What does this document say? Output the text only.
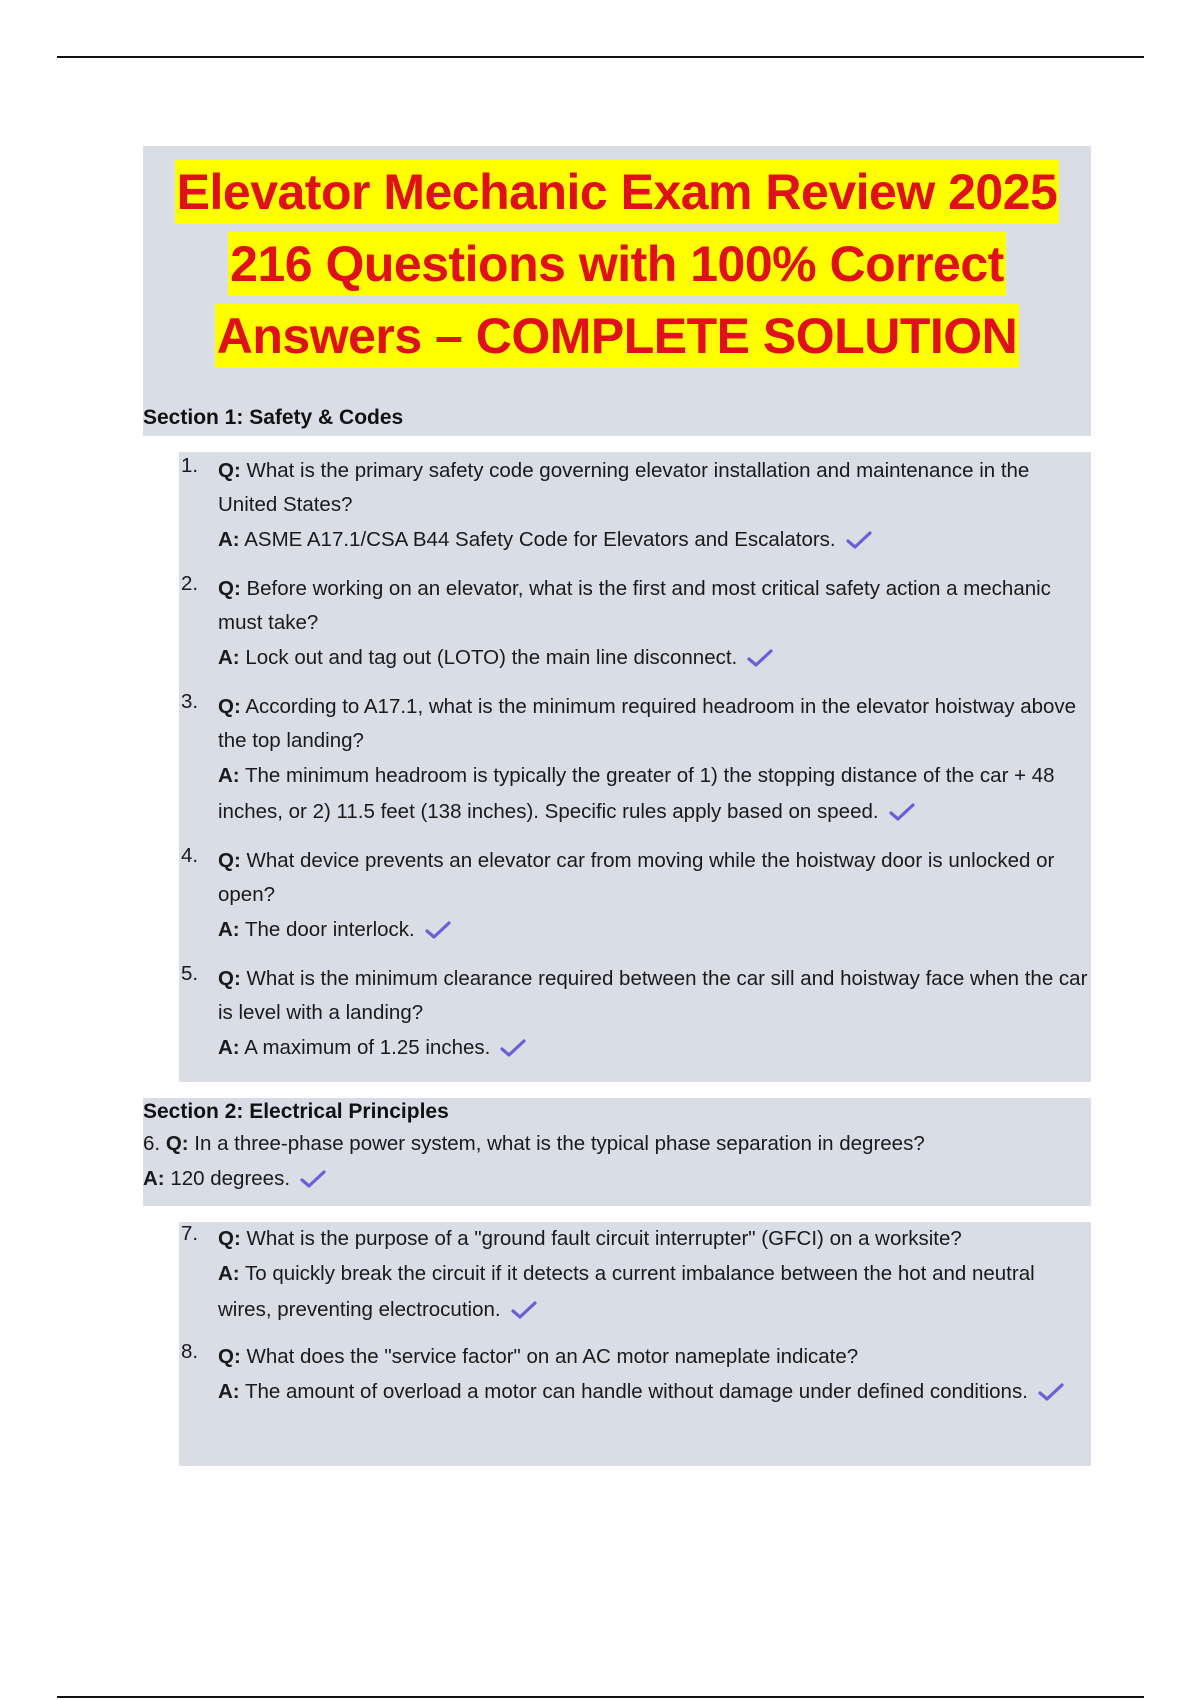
Elevator Mechanic Exam Review 2025
216 Questions with 100% Correct
Answers – COMPLETE SOLUTION
Section 1: Safety & Codes
1. Q: What is the primary safety code governing elevator installation and maintenance in the United States?
A: ASME A17.1/CSA B44 Safety Code for Elevators and Escalators.
2. Q: Before working on an elevator, what is the first and most critical safety action a mechanic must take?
A: Lock out and tag out (LOTO) the main line disconnect.
3. Q: According to A17.1, what is the minimum required headroom in the elevator hoistway above the top landing?
A: The minimum headroom is typically the greater of 1) the stopping distance of the car + 48 inches, or 2) 11.5 feet (138 inches). Specific rules apply based on speed.
4. Q: What device prevents an elevator car from moving while the hoistway door is unlocked or open?
A: The door interlock.
5. Q: What is the minimum clearance required between the car sill and hoistway face when the car is level with a landing?
A: A maximum of 1.25 inches.
Section 2: Electrical Principles
6. Q: In a three-phase power system, what is the typical phase separation in degrees?
A: 120 degrees.
7. Q: What is the purpose of a "ground fault circuit interrupter" (GFCI) on a worksite?
A: To quickly break the circuit if it detects a current imbalance between the hot and neutral wires, preventing electrocution.
8. Q: What does the "service factor" on an AC motor nameplate indicate?
A: The amount of overload a motor can handle without damage under defined conditions.
